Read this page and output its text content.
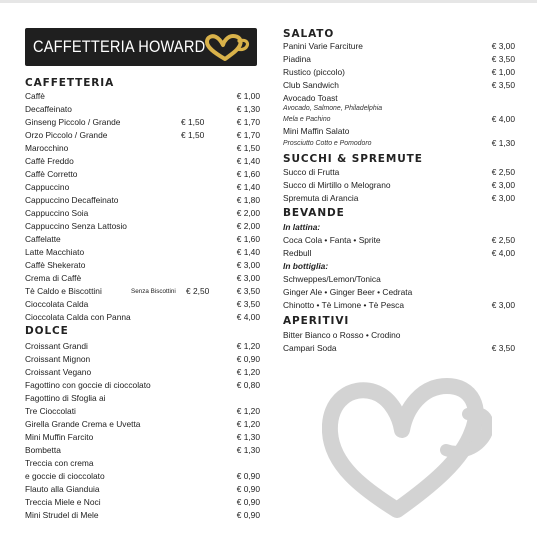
CAFFETTERIA HOWARD
CAFFETTERIA
Caffè	€ 1,00
Decaffeinato	€ 1,30
Ginseng Piccolo / Grande	€ 1,50	€ 1,70
Orzo Piccolo / Grande	€ 1,50	€ 1,70
Marocchino	€ 1,50
Caffè Freddo	€ 1,40
Caffè Corretto	€ 1,60
Cappuccino	€ 1,40
Cappuccino Decaffeinato	€ 1,80
Cappuccino Soia	€ 2,00
Cappuccino Senza Lattosio	€ 2,00
Caffelatte	€ 1,60
Latte Macchiato	€ 1,40
Caffè Shekerato	€ 3,00
Crema di Caffè	€ 3,00
Tè Caldo e Biscottini	Senza Biscottini € 2,50	€ 3,50
Cioccolata Calda	€ 3,50
Cioccolata Calda con Panna	€ 4,00
DOLCE
Croissant Grandi	€ 1,20
Croissant Mignon	€ 0,90
Croissant Vegano	€ 1,20
Fagottino con goccie di cioccolato	€ 0,80
Fagottino di Sfoglia ai
Tre Cioccolati	€ 1,20
Girella Grande Crema e Uvetta	€ 1,20
Mini Muffin Farcito	€ 1,30
Bombetta	€ 1,30
Treccia con crema
e goccie di cioccolato	€ 0,90
Flauto alla Gianduia	€ 0,90
Treccia Miele e Noci	€ 0,90
Mini Strudel di Mele	€ 0,90
SALATO
Panini Varie Farciture	€ 3,00
Piadina	€ 3,50
Rustico (piccolo)	€ 1,00
Club Sandwich	€ 3,50
Avocado Toast
Avocado, Salmone, Philadelphia
Mela e Pachino	€ 4,00
Mini Maffin Salato
Prosciutto Cotto e Pomodoro	€ 1,30
SUCCHI & SPREMUTE
Succo di Frutta	€ 2,50
Succo di Mirtillo o Melograno	€ 3,00
Spremuta di Arancia	€ 3,00
BEVANDE
In lattina:
Coca Cola • Fanta • Sprite	€ 2,50
Redbull	€ 4,00
In bottiglia:
Schweppes/Lemon/Tonica
Ginger Ale • Ginger Beer • Cedrata
Chinotto • Tè Limone • Tè Pesca	€ 3,00
APERITIVI
Bitter Bianco o Rosso • Crodino
Campari Soda	€ 3,50
